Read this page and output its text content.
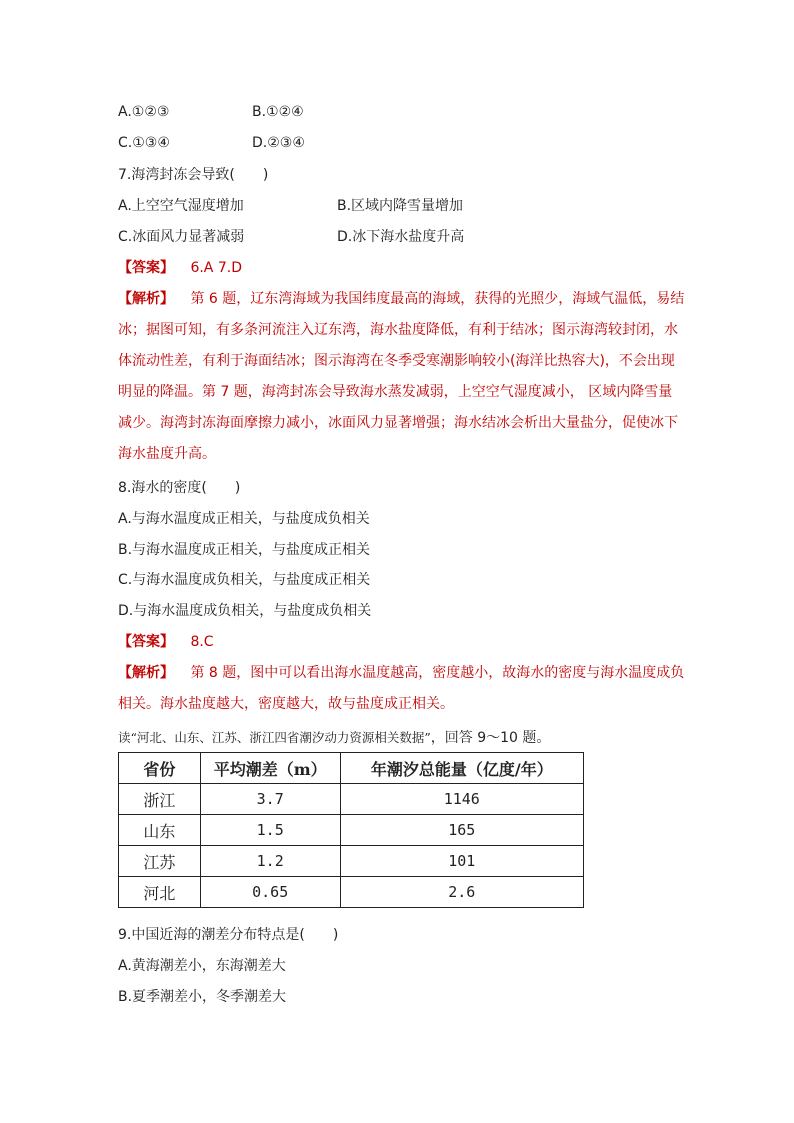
A.①②③	B.①②④
C.①③④	D.②③④
7.海湾封冻会导致(　　)
A.上空空气湿度增加	B.区域内降雪量增加
C.冰面风力显著减弱	D.冰下海水盐度升高
【答案】 6.A 7.D
【解析】 第 6 题，辽东湾海域为我国纬度最高的海域，获得的光照少，海域气温低，易结
冰；据图可知，有多条河流注入辽东湾，海水盐度降低，有利于结冰；图示海湾较封闭，水
体流动性差，有利于海面结冰；图示海湾在冬季受寒潮影响较小(海洋比热容大)，不会出现
明显的降温。第 7 题，海湾封冻会导致海水蒸发减弱，上空空气湿度减小， 区域内降雪量
减少。海湾封冻海面摩擦力减小，冰面风力显著增强；海水结冰会析出大量盐分，促使冰下
海水盐度升高。
8.海水的密度(　　)
A.与海水温度成正相关，与盐度成负相关
B.与海水温度成正相关，与盐度成正相关
C.与海水温度成负相关，与盐度成正相关
D.与海水温度成负相关，与盐度成负相关
【答案】 8.C
【解析】 第 8 题，图中可以看出海水温度越高，密度越小，故海水的密度与海水温度成负
相关。海水盐度越大，密度越大，故与盐度成正相关。
读“河北、山东、江苏、浙江四省潮汐动力资源相关数据”，回答 9～10 题。
省份	平均潮差（m）	年潮汐总能量（亿度/年）
浙江	3.7	1146
山东	1.5	165
江苏	1.2	101
河北	0.65	2.6
9.中国近海的潮差分布特点是(　　)
A.黄海潮差小，东海潮差大
B.夏季潮差小，冬季潮差大
